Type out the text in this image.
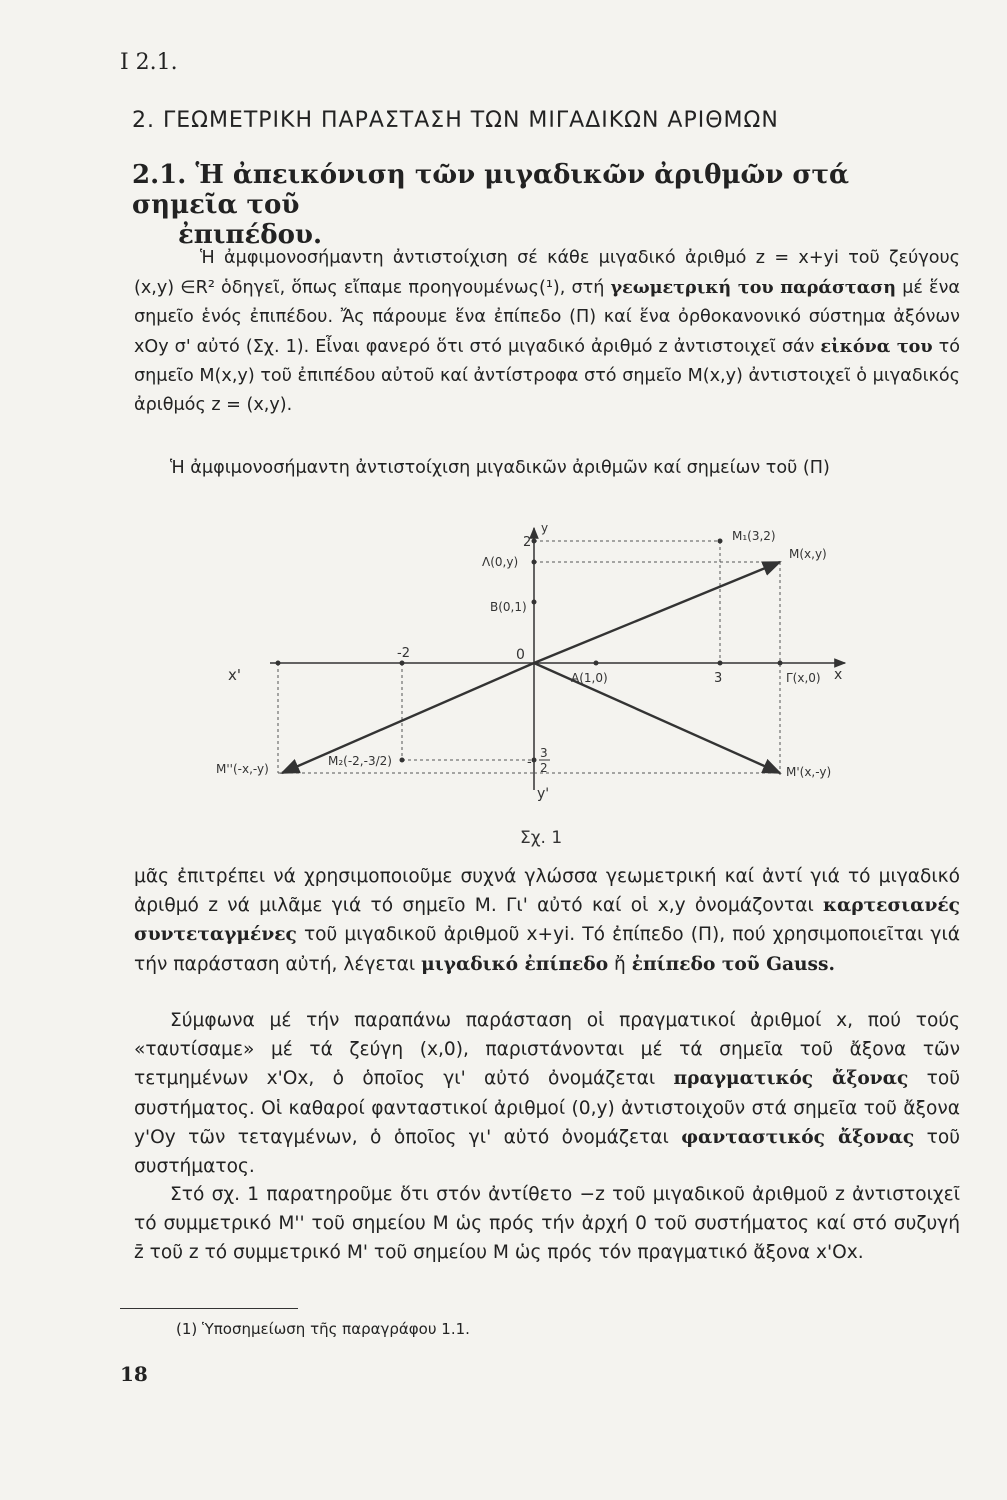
I 2.1.
2. ΓΕΩΜΕΤΡΙΚΗ ΠΑΡΑΣΤΑΣΗ ΤΩΝ ΜΙΓΑΔΙΚΩΝ ΑΡΙΘΜΩΝ
2.1. Ἡ ἀπεικόνιση τῶν μιγαδικῶν ἀριθμῶν στά σημεῖα τοῦ
ἐπιπέδου.
Ἡ ἀμφιμονοσήμαντη ἀντιστοίχιση σέ κάθε μιγαδικό ἀριθμό z = x+yi τοῦ ζεύγους (x,y) ∈R² ὁδηγεῖ, ὅπως εἴπαμε προηγουμένως(¹), στή γεωμετρική του παράσταση μέ ἕνα σημεῖο ἑνός ἐπιπέδου. Ἄς πάρουμε ἕνα ἐπίπεδο (Π) καί ἕνα ὀρθοκανονικό σύστημα ἀξόνων xOy σ' αὐτό (Σχ. 1). Εἶναι φανερό ὅτι στό μιγαδικό ἀριθμό z ἀντιστοιχεῖ σάν εἰκόνα του τό σημεῖο M(x,y) τοῦ ἐπιπέδου αὐτοῦ καί ἀντίστροφα στό σημεῖο M(x,y) ἀντιστοιχεῖ ὁ μιγαδικός ἀριθμός z = (x,y).
Ἡ ἀμφιμονοσήμαντη ἀντιστοίχιση μιγαδικῶν ἀριθμῶν καί σημείων τοῦ (Π)
x'	x
y
y'
0
-2
3
2
-
3
2
Λ(0,y)
B(0,1)
A(1,0)	Γ(x,0)
M₁(3,2)
M(x,y)
M'(x,-y)
M''(-x,-y)
M₂(-2,-3/2)
Σχ. 1
μᾶς ἐπιτρέπει νά χρησιμοποιοῦμε συχνά γλώσσα γεωμετρική καί ἀντί γιά τό μιγαδικό ἀριθμό z νά μιλᾶμε γιά τό σημεῖο M. Γι' αὐτό καί οἱ x,y ὀνομάζονται καρτεσιανές συντεταγμένες τοῦ μιγαδικοῦ ἀριθμοῦ x+yi. Τό ἐπίπεδο (Π), πού χρησιμοποιεῖται γιά τήν παράσταση αὐτή, λέγεται μιγαδικό ἐπίπεδο ἤ ἐπίπεδο τοῦ Gauss.
Σύμφωνα μέ τήν παραπάνω παράσταση οἱ πραγματικοί ἀριθμοί x, πού τούς «ταυτίσαμε» μέ τά ζεύγη (x,0), παριστάνονται μέ τά σημεῖα τοῦ ἄξονα τῶν τετμημένων x'Ox, ὁ ὁποῖος γι' αὐτό ὀνομάζεται πραγματικός ἄξονας τοῦ συστήματος. Οἱ καθαροί φανταστικοί ἀριθμοί (0,y) ἀντιστοιχοῦν στά σημεῖα τοῦ ἄξονα y'Oy τῶν τεταγμένων, ὁ ὁποῖος γι' αὐτό ὀνομάζεται φανταστικός ἄξονας τοῦ συστήματος.
Στό σχ. 1 παρατηροῦμε ὅτι στόν ἀντίθετο −z τοῦ μιγαδικοῦ ἀριθμοῦ z ἀντιστοιχεῖ τό συμμετρικό M'' τοῦ σημείου M ὡς πρός τήν ἀρχή 0 τοῦ συστήματος καί στό συζυγή z̄ τοῦ z τό συμμετρικό M' τοῦ σημείου M ὡς πρός τόν πραγματικό ἄξονα x'Ox.
(1) Ὑποσημείωση τῆς παραγράφου 1.1.
18
